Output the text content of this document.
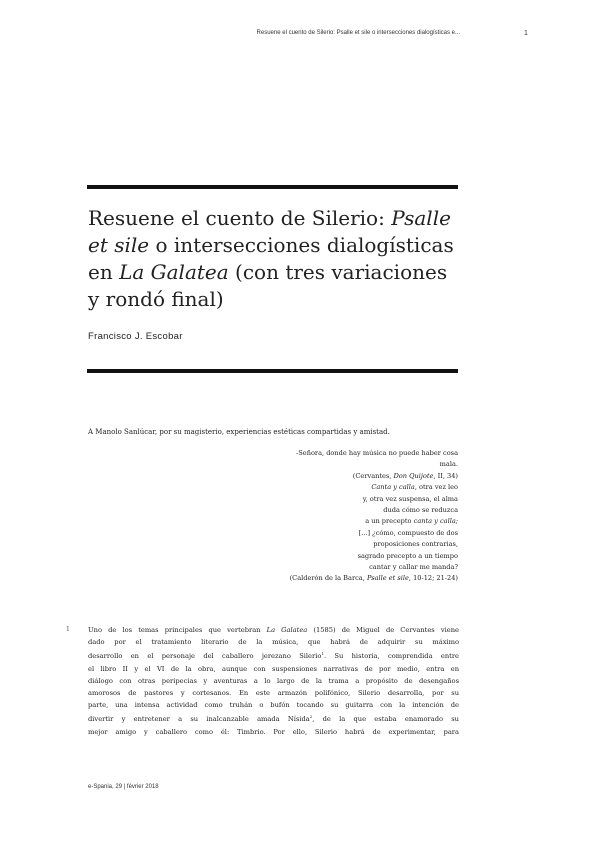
Resuene el cuento de Silerio: Psalle et sile o intersecciones dialogísticas e...	1
Resuene el cuento de Silerio: Psalle et sile o intersecciones dialogísticas en La Galatea (con tres variaciones y rondó final)
Francisco J. Escobar
A Manolo Sanlúcar, por su magisterio, experiencias estéticas compartidas y amistad.
-Señora, donde hay música no puede haber cosa
mala.
(Cervantes, Don Quijote, II, 34)
Canta y calla, otra vez leo
y, otra vez suspensa, el alma
duda cómo se reduzca
a un precepto canta y calla;
[...] ¿cómo, compuesto de dos
proposiciones contrarias,
sagrado precepto a un tiempo
cantar y callar me manda?
(Calderón de la Barca, Psalle et sile, 10-12; 21-24)
1	Uno de los temas principales que vertebran La Galatea (1585) de Miguel de Cervantes viene
dado por el tratamiento literario de la música, que habrá de adquirir su máximo
desarrollo en el personaje del caballero jerezano Silerio$^1$. Su historia, comprendida entre
el libro II y el VI de la obra, aunque con suspensiones narrativas de por medio, entra en
diálogo con otras peripecias y aventuras a lo largo de la trama a propósito de desengaños
amorosos de pastores y cortesanos. En este armazón polifónico, Silerio desarrolla, por su
parte, una intensa actividad como truhán o bufón tocando su guitarra con la intención de
divertir y entretener a su inalcanzable amada Nísida$^2$, de la que estaba enamorado su
mejor amigo y caballero como él: Timbrio. Por ello, Silerio habrá de experimentar, para
e-Spania, 29 | février 2018
